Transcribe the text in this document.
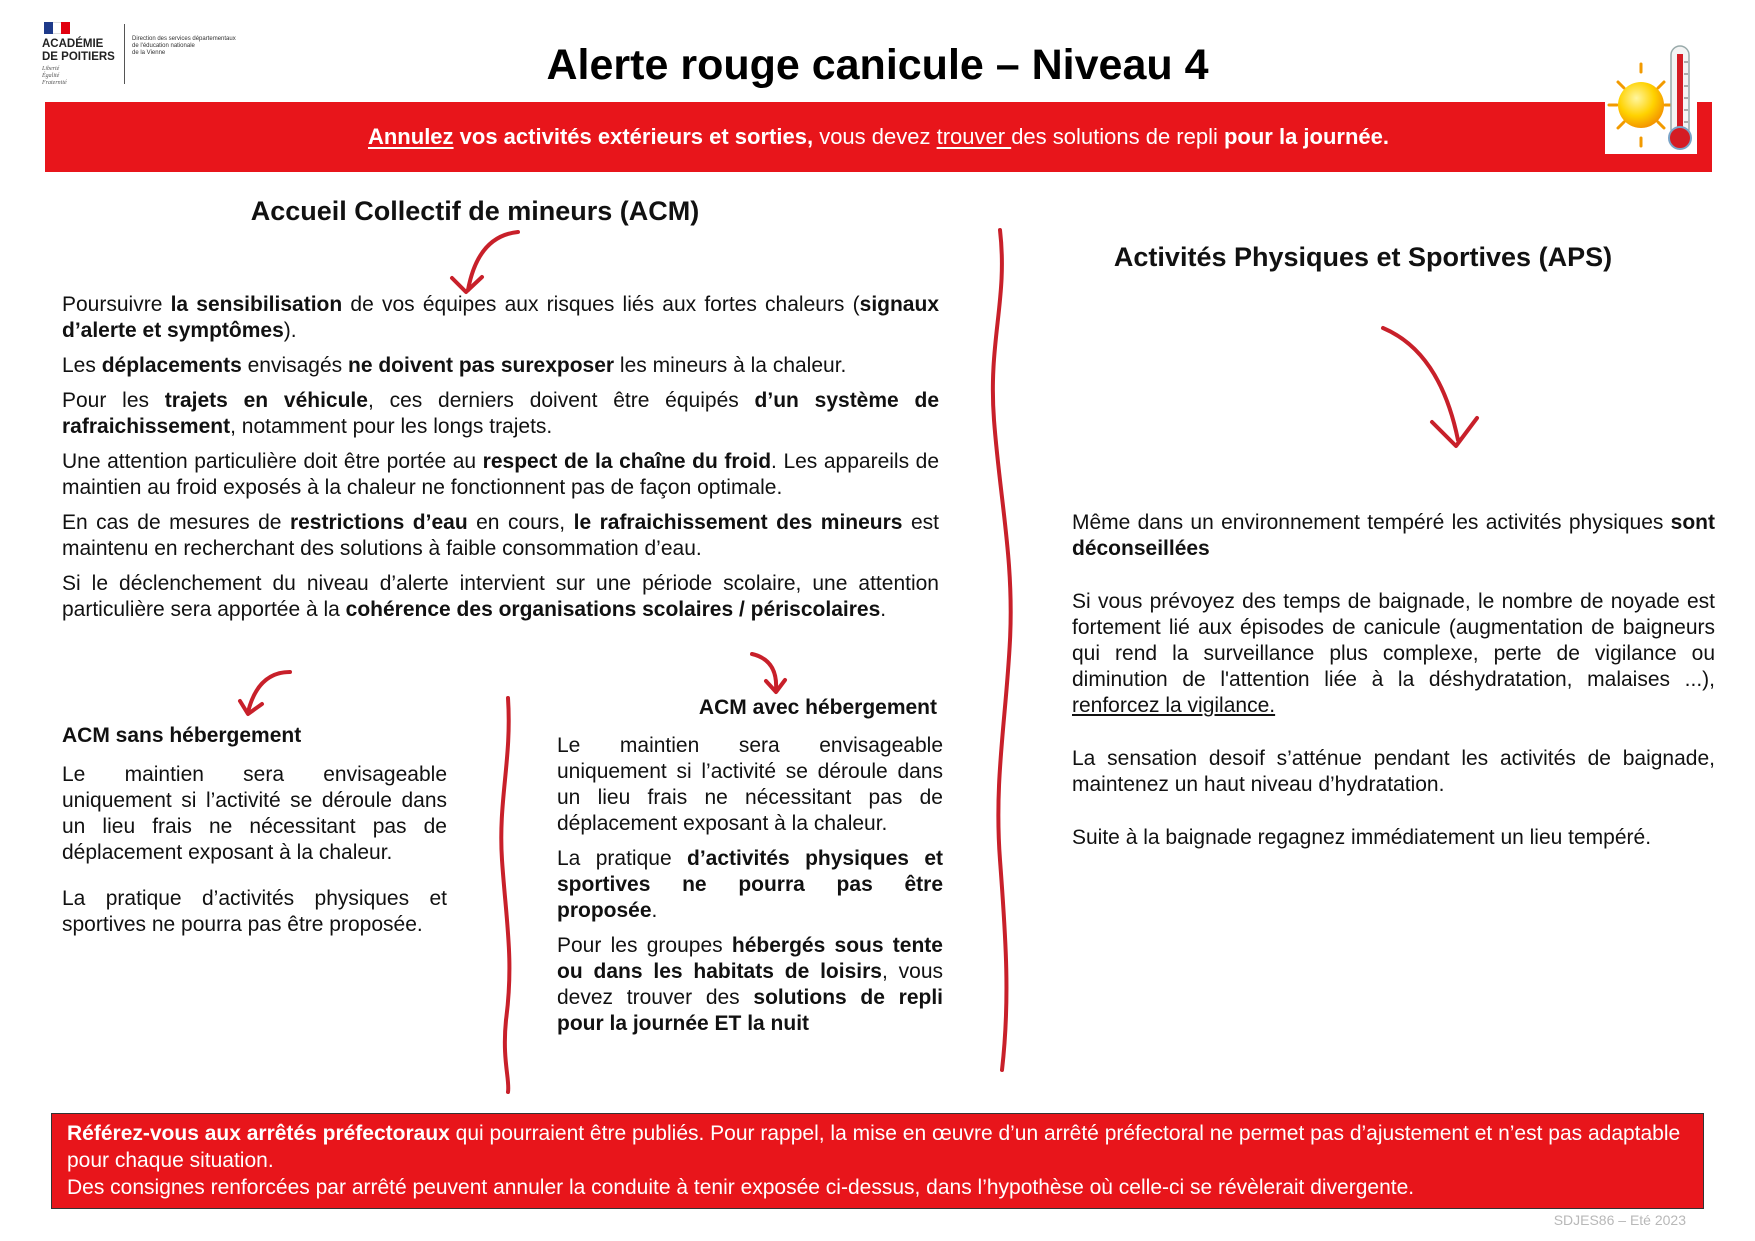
ACADÉMIE
DE POITIERS
Liberté
Égalité
Fraternité
Direction des services départementaux
de l'éducation nationale
de la Vienne	Alerte rouge canicule – Niveau 4
Annulez vos activités extérieurs et sorties, vous devez trouver des solutions de repli pour la journée.
Accueil Collectif de mineurs (ACM)
Activités Physiques et Sportives (APS)

Poursuivre la sensibilisation de vos équipes aux risques liés aux fortes chaleurs (signaux d’alerte et symptômes).

Les déplacements envisagés ne doivent pas surexposer les mineurs à la chaleur.

Pour les trajets en véhicule, ces derniers doivent être équipés d’un système de rafraichissement, notamment pour les longs trajets.

Une attention particulière doit être portée au respect de la chaîne du froid. Les appareils de maintien au froid exposés à la chaleur ne fonctionnent pas de façon optimale.

En cas de mesures de restrictions d’eau en cours, le rafraichissement des mineurs est maintenu en recherchant des solutions à faible consommation d’eau.

Si le déclenchement du niveau d’alerte intervient sur une période scolaire, une attention particulière sera apportée à la cohérence des organisations scolaires / périscolaires.

ACM sans hébergement

Le maintien sera envisageable uniquement si l’activité se déroule dans un lieu frais ne nécessitant pas de déplacement exposant à la chaleur.

La pratique d’activités physiques et sportives ne pourra pas être proposée.

ACM avec hébergement

Le maintien sera envisageable uniquement si l’activité se déroule dans un lieu frais ne nécessitant pas de déplacement exposant à la chaleur.

La pratique d’activités physiques et sportives ne pourra pas être proposée.

Pour les groupes hébergés sous tente ou dans les habitats de loisirs, vous devez trouver des solutions de repli pour la journée ET la nuit

Même dans un environnement tempéré les activités physiques sont déconseillées

Si vous prévoyez des temps de baignade, le nombre de noyade est fortement lié aux épisodes de canicule (augmentation de baigneurs qui rend la surveillance plus complexe, perte de vigilance ou diminution de l'attention liée à la déshydratation, malaises ...), renforcez la vigilance.

La sensation desoif s’atténue pendant les activités de baignade, maintenez un haut niveau d’hydratation.

Suite à la baignade regagnez immédiatement un lieu tempéré.

Référez-vous aux arrêtés préfectoraux qui pourraient être publiés. Pour rappel, la mise en œuvre d’un arrêté préfectoral ne permet pas d’ajustement et n’est pas adaptable pour chaque situation.

Des consignes renforcées par arrêté peuvent annuler la conduite à tenir exposée ci-dessus, dans l’hypothèse où celle-ci se révèlerait divergente.

SDJES86 – Eté 2023
